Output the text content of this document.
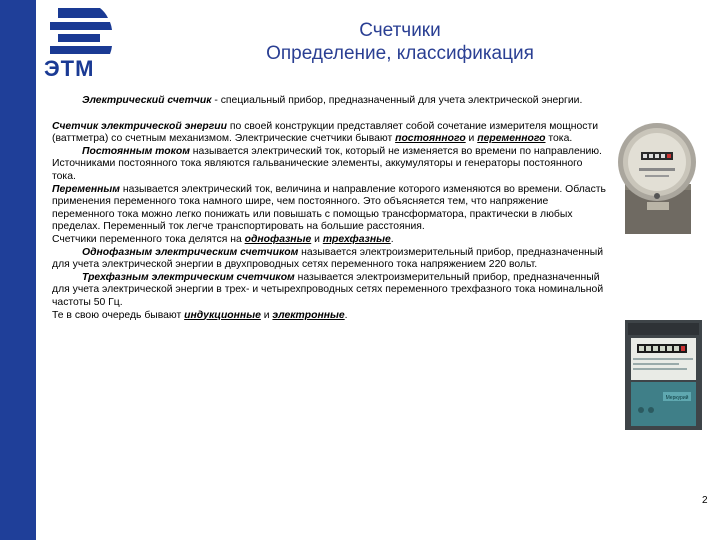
ЭТМ
Счетчики
Определение, классификация

Электрический счетчик - специальный прибор, предназначенный для учета электрической энергии.

Счетчик электрической энергии по своей конструкции представляет собой сочетание измерителя мощности (ваттметра) со счетным механизмом. Электрические счетчики бывают постоянного и переменного тока.

Постоянным током называется электрический ток, который не изменяется во времени по направлению. Источниками постоянного тока являются гальванические элементы, аккумуляторы и генераторы постоянного тока.

Переменным называется электрический ток, величина и направление которого изменяются во времени. Область применения переменного тока намного шире, чем постоянного. Это объясняется тем, что напряжение переменного тока можно легко понижать или повышать с помощью трансформатора, практически в любых пределах. Переменный ток легче транспортировать на большие расстояния.

Счетчики переменного тока делятся на однофазные и трехфазные.

Однофазным электрическим счетчиком называется электроизмерительный прибор, предназначенный для учета электрической энергии в двухпроводных сетях переменного тока напряжением 220 вольт.

Трехфазным электрическим счетчиком называется электроизмерительный прибор, предназначенный для учета электрической энергии в трех- и четырехпроводных сетях переменного трехфазного тока номинальной частоты 50 Гц.

Те в свою очередь бывают индукционные и электронные.

Меркурий
2
